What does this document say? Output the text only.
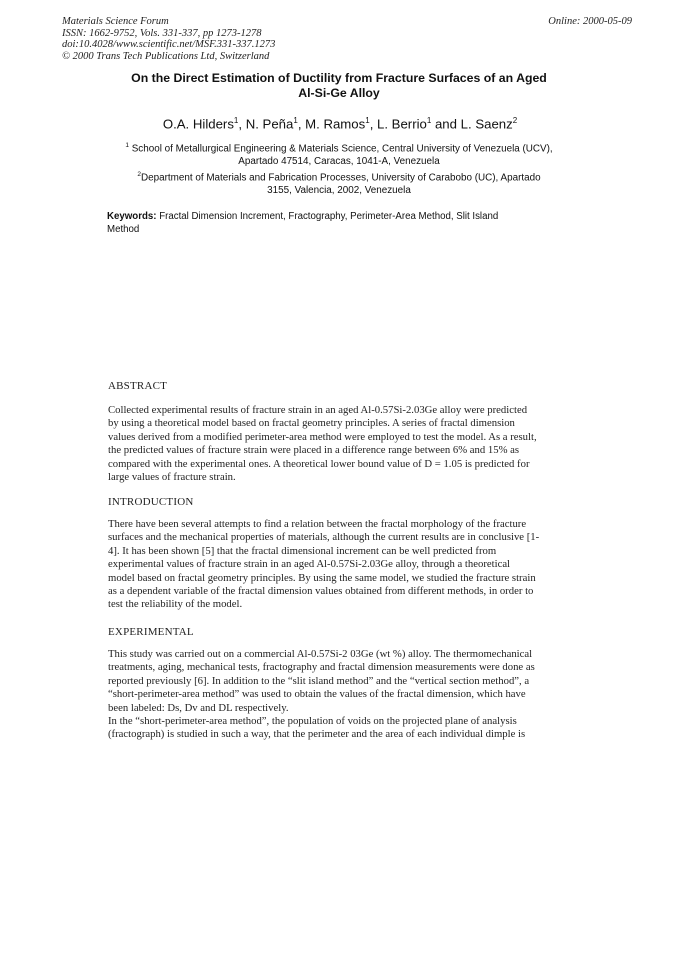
Materials Science Forum
ISSN: 1662-9752, Vols. 331-337, pp 1273-1278
doi:10.4028/www.scientific.net/MSF.331-337.1273
© 2000 Trans Tech Publications Ltd, Switzerland
Online: 2000-05-09
On the Direct Estimation of Ductility from Fracture Surfaces of an Aged
Al-Si-Ge Alloy
O.A. Hilders$^1$, N. Peña$^1$, M. Ramos$^1$, L. Berrio$^1$ and L. Saenz$^2$
$^1$ School of Metallurgical Engineering & Materials Science, Central University of Venezuela (UCV),
Apartado 47514, Caracas, 1041-A, Venezuela
$^2$Department of Materials and Fabrication Processes, University of Carabobo (UC), Apartado
3155, Valencia, 2002, Venezuela
Keywords: Fractal Dimension Increment, Fractography, Perimeter-Area Method, Slit Island
Method
ABSTRACT
Collected experimental results of fracture strain in an aged Al-0.57Si-2.03Ge alloy were predicted
by using a theoretical model based on fractal geometry principles. A series of fractal dimension
values derived from a modified perimeter-area method were employed to test the model. As a result,
the predicted values of fracture strain were placed in a difference range between 6% and 15% as
compared with the experimental ones. A theoretical lower bound value of D = 1.05 is predicted for
large values of fracture strain.
INTRODUCTION
There have been several attempts to find a relation between the fractal morphology of the fracture
surfaces and the mechanical properties of materials, although the current results are in conclusive [1-
4]. It has been shown [5] that the fractal dimensional increment can be well predicted from
experimental values of fracture strain in an aged Al-0.57Si-2.03Ge alloy, through a theoretical
model based on fractal geometry principles. By using the same model, we studied the fracture strain
as a dependent variable of the fractal dimension values obtained from different methods, in order to
test the reliability of the model.
EXPERIMENTAL
This study was carried out on a commercial Al-0.57Si-2 03Ge (wt %) alloy. The thermomechanical
treatments, aging, mechanical tests, fractography and fractal dimension measurements were done as
reported previously [6]. In addition to the “slit island method” and the “vertical section method”, a
“short-perimeter-area method” was used to obtain the values of the fractal dimension, which have
been labeled: Ds, Dv and DL respectively.
In the “short-perimeter-area method”, the population of voids on the projected plane of analysis
(fractograph) is studied in such a way, that the perimeter and the area of each individual dimple is
